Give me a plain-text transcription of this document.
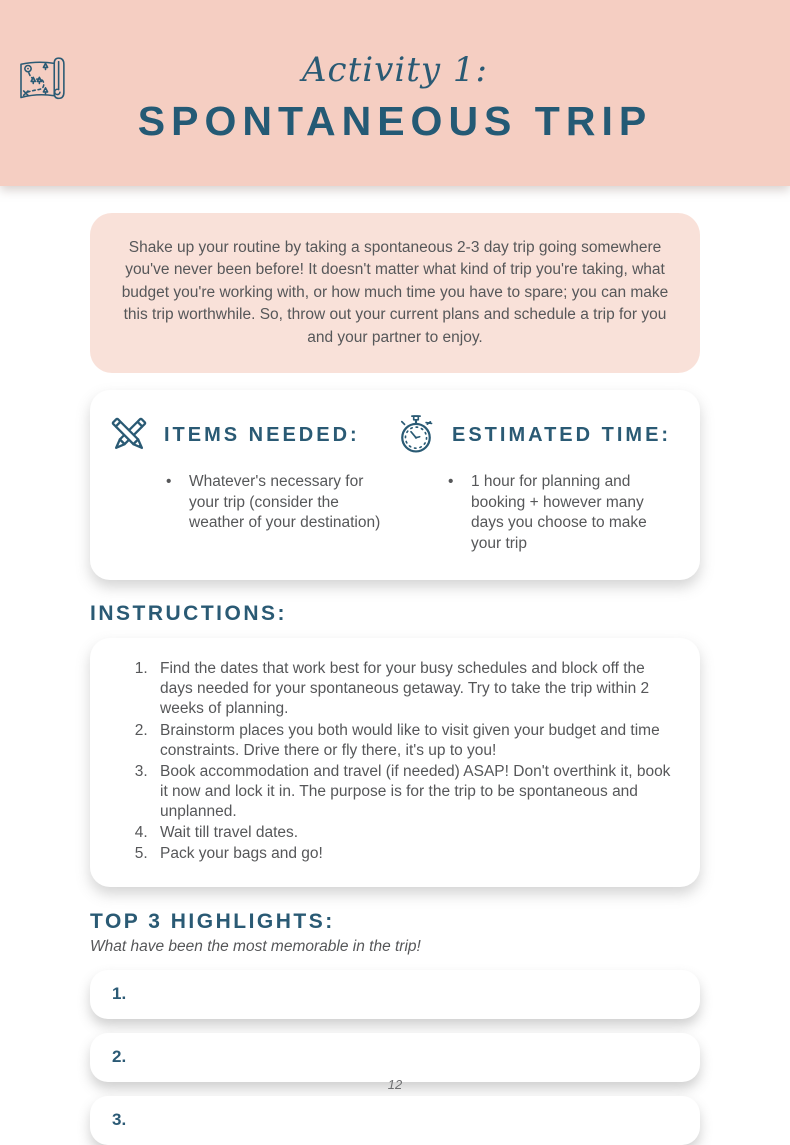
Activity 1:
SPONTANEOUS TRIP

Shake up your routine by taking a spontaneous 2-3 day trip going somewhere you've never been before! It doesn't matter what kind of trip you're taking, what budget you're working with, or how much time you have to spare; you can make this trip worthwhile. So, throw out your current plans and schedule a trip for you and your partner to enjoy.

ITEMS NEEDED:
• Whatever's necessary for your trip (consider the weather of your destination)
ESTIMATED TIME:
• 1 hour for planning and booking + however many days you choose to make your trip
INSTRUCTIONS:
1. Find the dates that work best for your busy schedules and block off the days needed for your spontaneous getaway. Try to take the trip within 2 weeks of planning.
2. Brainstorm places you both would like to visit given your budget and time constraints. Drive there or fly there, it's up to you!
3. Book accommodation and travel (if needed) ASAP! Don't overthink it, book it now and lock it in. The purpose is for the trip to be spontaneous and unplanned.
4. Wait till travel dates.
5. Pack your bags and go!
TOP 3 HIGHLIGHTS:

What have been the most memorable in the trip!

1.
2.
3.
12
